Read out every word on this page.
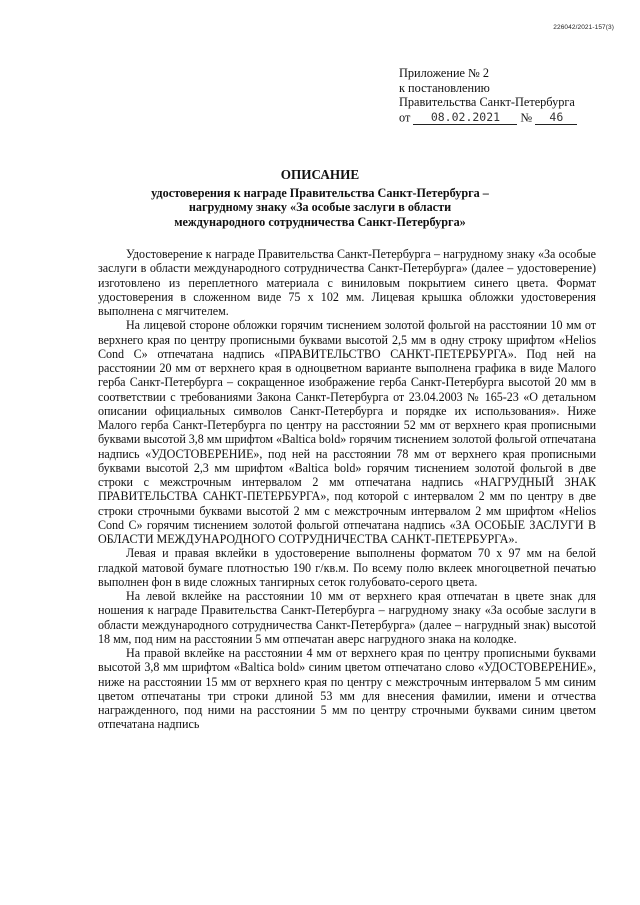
226042/2021-157(3)
Приложение № 2
к постановлению
Правительства Санкт-Петербурга
от 08.02.2021 № 46
ОПИСАНИЕ
удостоверения к награде Правительства Санкт-Петербурга –
нагрудному знаку «За особые заслуги в области
международного сотрудничества Санкт-Петербурга»

Удостоверение к награде Правительства Санкт-Петербурга – нагрудному знаку «За особые заслуги в области международного сотрудничества Санкт-Петербурга» (далее – удостоверение) изготовлено из переплетного материала с виниловым покрытием синего цвета. Формат удостоверения в сложенном виде 75 х 102 мм. Лицевая крышка обложки удостоверения выполнена с мягчителем.

На лицевой стороне обложки горячим тиснением золотой фольгой на расстоянии 10 мм от верхнего края по центру прописными буквами высотой 2,5 мм в одну строку шрифтом «Helios Cond C» отпечатана надпись «ПРАВИТЕЛЬСТВО САНКТ-ПЕТЕРБУРГА». Под ней на расстоянии 20 мм от верхнего края в одноцветном варианте выполнена графика в виде Малого герба Санкт-Петербурга – сокращенное изображение герба Санкт-Петербурга высотой 20 мм в соответствии с требованиями Закона Санкт-Петербурга от 23.04.2003 № 165-23 «О детальном описании официальных символов Санкт-Петербурга и порядке их использования». Ниже Малого герба Санкт-Петербурга по центру на расстоянии 52 мм от верхнего края прописными буквами высотой 3,8 мм шрифтом «Baltica bold» горячим тиснением золотой фольгой отпечатана надпись «УДОСТОВЕРЕНИЕ», под ней на расстоянии 78 мм от верхнего края прописными буквами высотой 2,3 мм шрифтом «Baltica bold» горячим тиснением золотой фольгой в две строки с межстрочным интервалом 2 мм отпечатана надпись «НАГРУДНЫЙ ЗНАК ПРАВИТЕЛЬСТВА САНКТ-ПЕТЕРБУРГА», под которой с интервалом 2 мм по центру в две строки строчными буквами высотой 2 мм с межстрочным интервалом 2 мм шрифтом «Helios Cond C» горячим тиснением золотой фольгой отпечатана надпись «ЗА ОСОБЫЕ ЗАСЛУГИ В ОБЛАСТИ МЕЖДУНАРОДНОГО СОТРУДНИЧЕСТВА САНКТ-ПЕТЕРБУРГА».

Левая и правая вклейки в удостоверение выполнены форматом 70 х 97 мм на белой гладкой матовой бумаге плотностью 190 г/кв.м. По всему полю вклеек многоцветной печатью выполнен фон в виде сложных тангирных сеток голубовато-серого цвета.

На левой вклейке на расстоянии 10 мм от верхнего края отпечатан в цвете знак для ношения к награде Правительства Санкт-Петербурга – нагрудному знаку «За особые заслуги в области международного сотрудничества Санкт-Петербурга» (далее – нагрудный знак) высотой 18 мм, под ним на расстоянии 5 мм отпечатан аверс нагрудного знака на колодке.

На правой вклейке на расстоянии 4 мм от верхнего края по центру прописными буквами высотой 3,8 мм шрифтом «Baltica bold» синим цветом отпечатано слово «УДОСТОВЕРЕНИЕ», ниже на расстоянии 15 мм от верхнего края по центру с межстрочным интервалом 5 мм синим цветом отпечатаны три строки длиной 53 мм для внесения фамилии, имени и отчества награжденного, под ними на расстоянии 5 мм по центру строчными буквами синим цветом отпечатана надпись
